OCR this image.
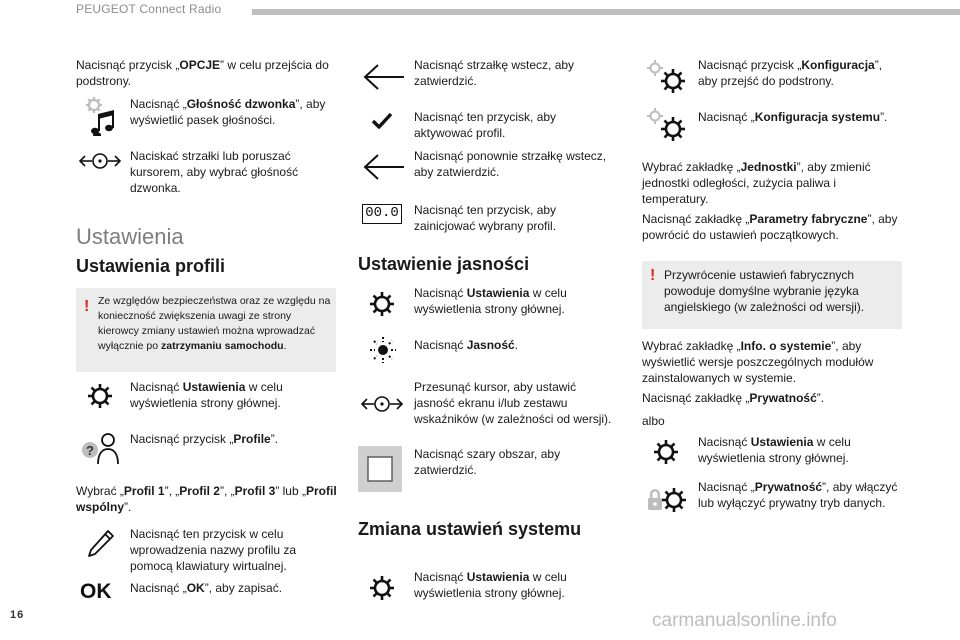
PEUGEOT Connect Radio
Nacisnąć przycisk „OPCJE” w celu przejścia do podstrony.
Nacisnąć „Głośność dzwonka”, aby wyświetlić pasek głośności.
Naciskać strzałki lub poruszać kursorem, aby wybrać głośność dzwonka.
Ustawienia
Ustawienia profili
! Ze względów bezpieczeństwa oraz ze względu na konieczność zwiększenia uwagi ze strony kierowcy zmiany ustawień można wprowadzać wyłącznie po zatrzymaniu samochodu.
Nacisnąć Ustawienia w celu wyświetlenia strony głównej.
?
Nacisnąć przycisk „Profile”.
Wybrać „Profil 1”, „Profil 2”, „Profil 3” lub „Profil wspólny”.
Nacisnąć ten przycisk w celu wprowadzenia nazwy profilu za pomocą klawiatury wirtualnej.
OK Nacisnąć „OK”, aby zapisać.
Nacisnąć strzałkę wstecz, aby zatwierdzić.
Nacisnąć ten przycisk, aby aktywować profil.
Nacisnąć ponownie strzałkę wstecz, aby zatwierdzić.
00.0 Nacisnąć ten przycisk, aby zainicjować wybrany profil.
Ustawienie jasności
Nacisnąć Ustawienia w celu wyświetlenia strony głównej.
Nacisnąć Jasność.
Przesunąć kursor, aby ustawić jasność ekranu i/lub zestawu wskaźników (w zależności od wersji).
Nacisnąć szary obszar, aby zatwierdzić.
Zmiana ustawień systemu
Nacisnąć Ustawienia w celu wyświetlenia strony głównej.
Nacisnąć przycisk „Konfiguracja”, aby przejść do podstrony.
Nacisnąć „Konfiguracja systemu”.
Wybrać zakładkę „Jednostki”, aby zmienić jednostki odległości, zużycia paliwa i temperatury.
Nacisnąć zakładkę „Parametry fabryczne”, aby powrócić do ustawień początkowych.
! Przywrócenie ustawień fabrycznych powoduje domyślne wybranie języka angielskiego (w zależności od wersji).
Wybrać zakładkę „Info. o systemie”, aby wyświetlić wersje poszczególnych modułów zainstalowanych w systemie.
Nacisnąć zakładkę „Prywatność”.
albo
Nacisnąć Ustawienia w celu wyświetlenia strony głównej.
Nacisnąć „Prywatność”, aby włączyć lub wyłączyć prywatny tryb danych.
16	carmanualsonline.info
